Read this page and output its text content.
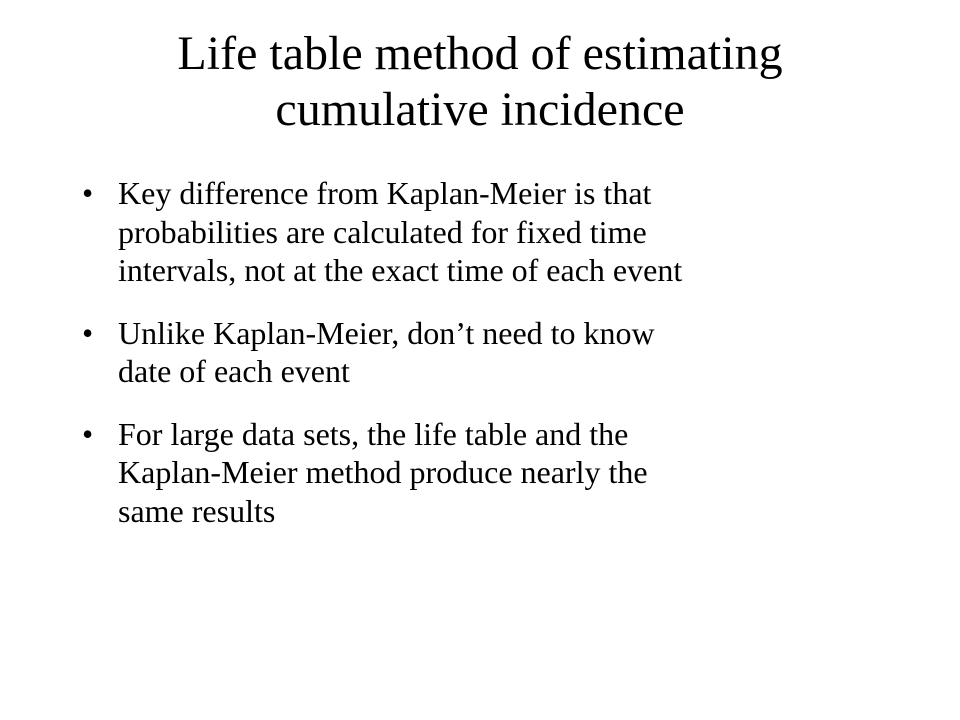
Life table method of estimating
cumulative incidence
• Key difference from Kaplan-Meier is that
probabilities are calculated for fixed time
intervals, not at the exact time of each event
• Unlike Kaplan-Meier, don’t need to know
date of each event
• For large data sets, the life table and the
Kaplan-Meier method produce nearly the
same results
